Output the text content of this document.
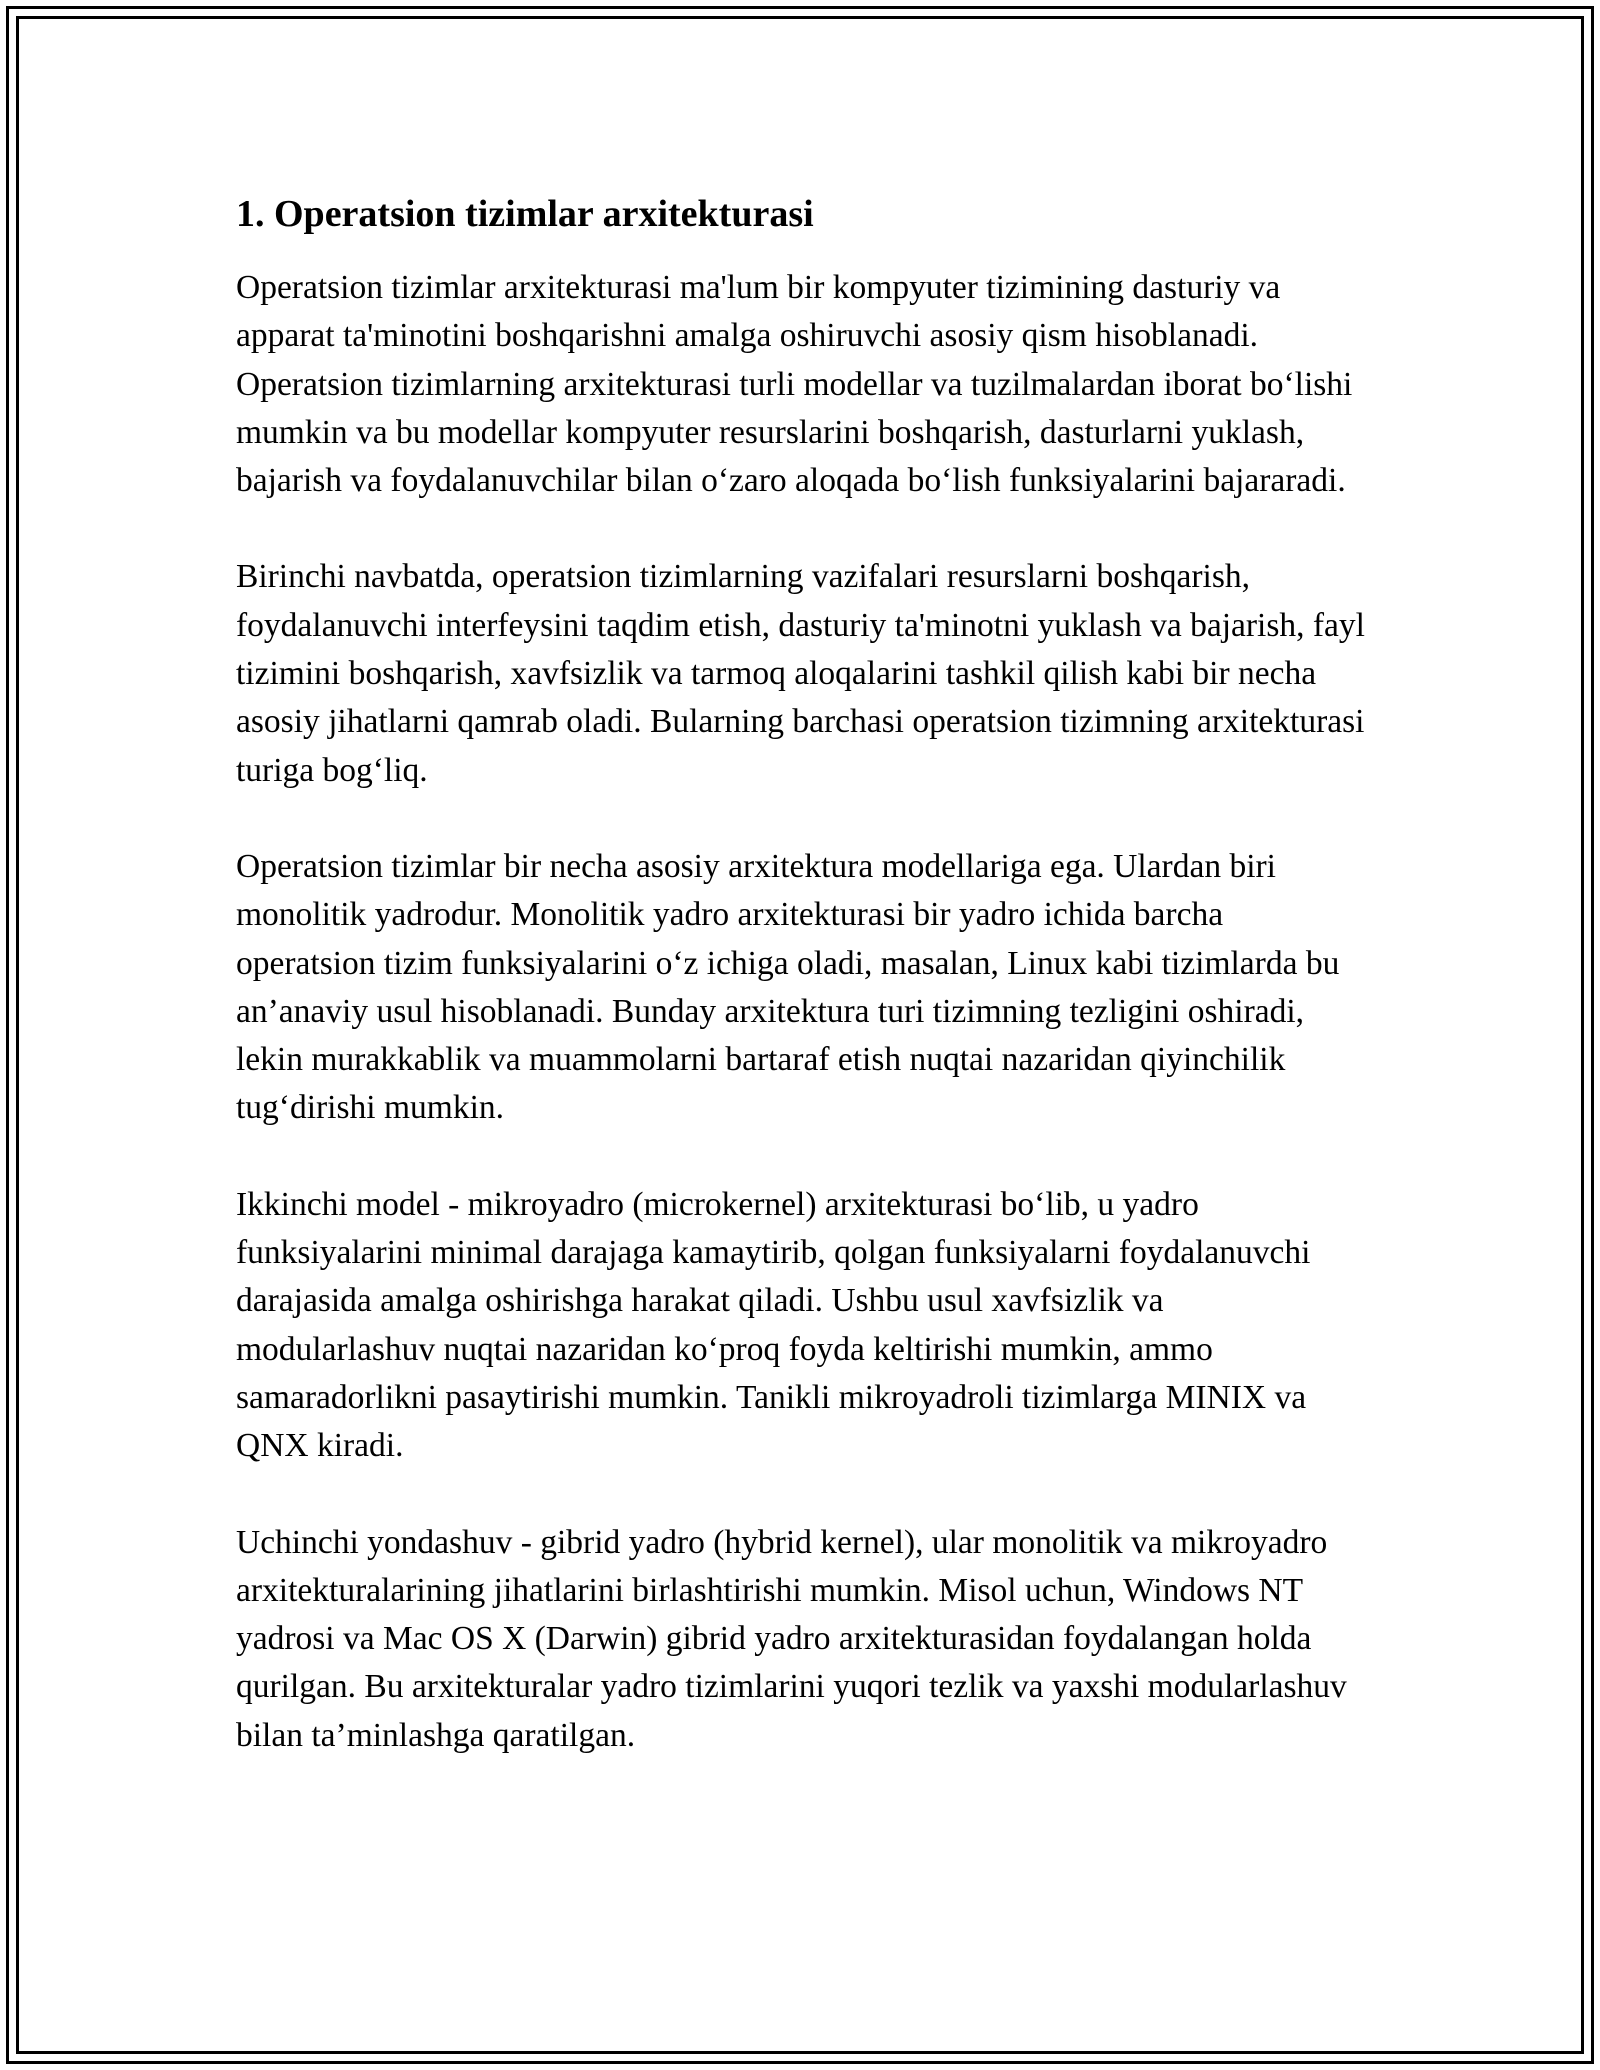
1. Operatsion tizimlar arxitekturasi

Operatsion tizimlar arxitekturasi ma'lum bir kompyuter tizimining dasturiy va apparat ta'minotini boshqarishni amalga oshiruvchi asosiy qism hisoblanadi. Operatsion tizimlarning arxitekturasi turli modellar va tuzilmalardan iborat bo‘lishi mumkin va bu modellar kompyuter resurslarini boshqarish, dasturlarni yuklash, bajarish va foydalanuvchilar bilan o‘zaro aloqada bo‘lish funksiyalarini bajararadi.

Birinchi navbatda, operatsion tizimlarning vazifalari resurslarni boshqarish, foydalanuvchi interfeysini taqdim etish, dasturiy ta'minotni yuklash va bajarish, fayl tizimini boshqarish, xavfsizlik va tarmoq aloqalarini tashkil qilish kabi bir necha asosiy jihatlarni qamrab oladi. Bularning barchasi operatsion tizimning arxitekturasi turiga bog‘liq.

Operatsion tizimlar bir necha asosiy arxitektura modellariga ega. Ulardan biri monolitik yadrodur. Monolitik yadro arxitekturasi bir yadro ichida barcha operatsion tizim funksiyalarini o‘z ichiga oladi, masalan, Linux kabi tizimlarda bu an’anaviy usul hisoblanadi. Bunday arxitektura turi tizimning tezligini oshiradi, lekin murakkablik va muammolarni bartaraf etish nuqtai nazaridan qiyinchilik tug‘dirishi mumkin.

Ikkinchi model - mikroyadro (microkernel) arxitekturasi bo‘lib, u yadro funksiyalarini minimal darajaga kamaytirib, qolgan funksiyalarni foydalanuvchi darajasida amalga oshirishga harakat qiladi. Ushbu usul xavfsizlik va modularlashuv nuqtai nazaridan ko‘proq foyda keltirishi mumkin, ammo samaradorlikni pasaytirishi mumkin. Tanikli mikroyadroli tizimlarga MINIX va QNX kiradi.

Uchinchi yondashuv - gibrid yadro (hybrid kernel), ular monolitik va mikroyadro arxitekturalarining jihatlarini birlashtirishi mumkin. Misol uchun, Windows NT yadrosi va Mac OS X (Darwin) gibrid yadro arxitekturasidan foydalangan holda qurilgan. Bu arxitekturalar yadro tizimlarini yuqori tezlik va yaxshi modularlashuv bilan ta’minlashga qaratilgan.
